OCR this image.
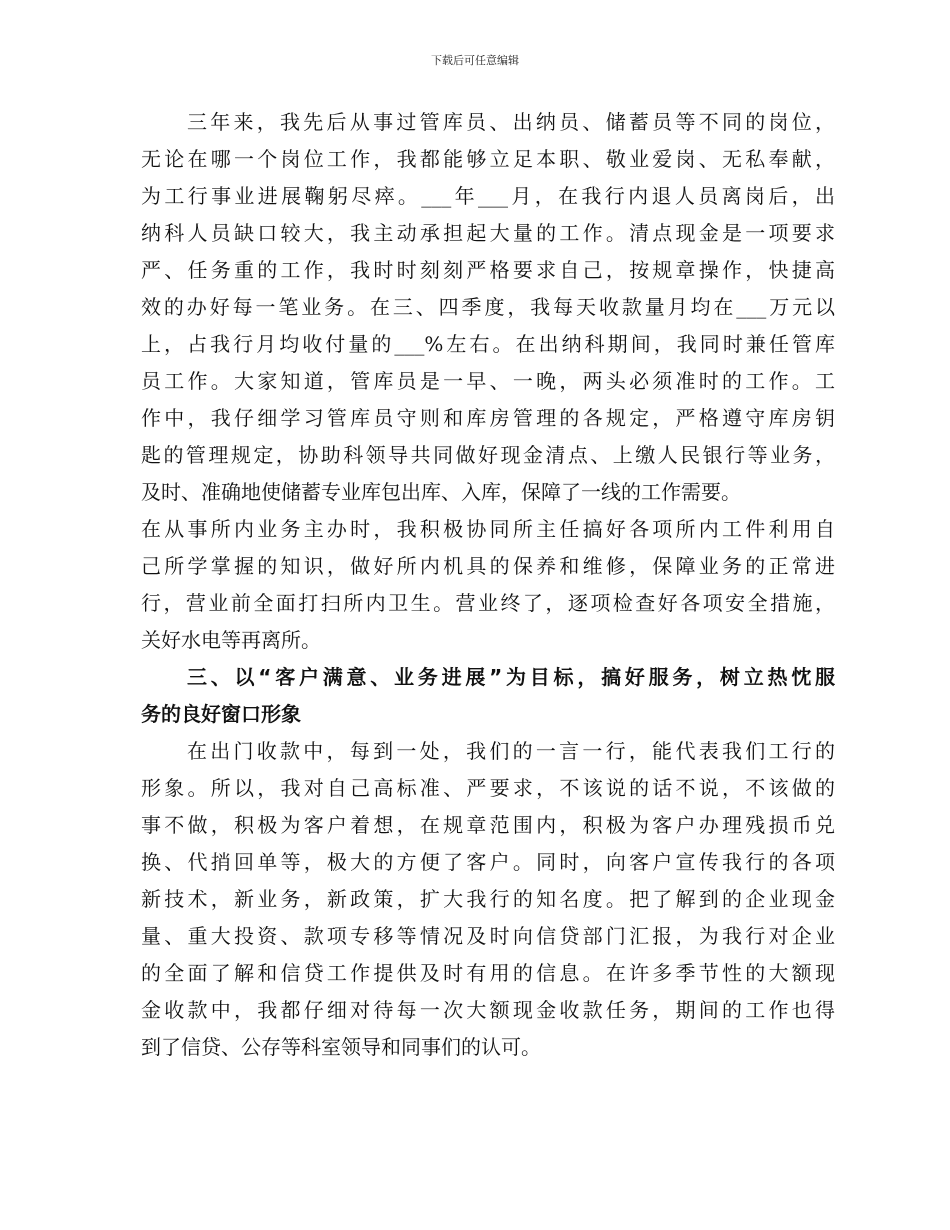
下载后可任意编辑
三年来，我先后从事过管库员、出纳员、储蓄员等不同的岗位，
无论在哪一个岗位工作，我都能够立足本职、敬业爱岗、无私奉献，
为工行事业进展鞠躬尽瘁。___年___月，在我行内退人员离岗后，出
纳科人员缺口较大，我主动承担起大量的工作。清点现金是一项要求
严、任务重的工作，我时时刻刻严格要求自己，按规章操作，快捷高
效的办好每一笔业务。在三、四季度，我每天收款量月均在___万元以
上，占我行月均收付量的___%左右。在出纳科期间，我同时兼任管库
员工作。大家知道，管库员是一早、一晚，两头必须准时的工作。工
作中，我仔细学习管库员守则和库房管理的各规定，严格遵守库房钥
匙的管理规定，协助科领导共同做好现金清点、上缴人民银行等业务，
及时、准确地使储蓄专业库包出库、入库，保障了一线的工作需要。
在从事所内业务主办时，我积极协同所主任搞好各项所内工件利用自
己所学掌握的知识，做好所内机具的保养和维修，保障业务的正常进
行，营业前全面打扫所内卫生。营业终了，逐项检查好各项安全措施，
关好水电等再离所。
三、以“客户满意、业务进展”为目标，搞好服务，树立热忱服
务的良好窗口形象
在出门收款中，每到一处，我们的一言一行，能代表我们工行的
形象。所以，我对自己高标准、严要求，不该说的话不说，不该做的
事不做，积极为客户着想，在规章范围内，积极为客户办理残损币兑
换、代捎回单等，极大的方便了客户。同时，向客户宣传我行的各项
新技术，新业务，新政策，扩大我行的知名度。把了解到的企业现金
量、重大投资、款项专移等情况及时向信贷部门汇报，为我行对企业
的全面了解和信贷工作提供及时有用的信息。在许多季节性的大额现
金收款中，我都仔细对待每一次大额现金收款任务，期间的工作也得
到了信贷、公存等科室领导和同事们的认可。
